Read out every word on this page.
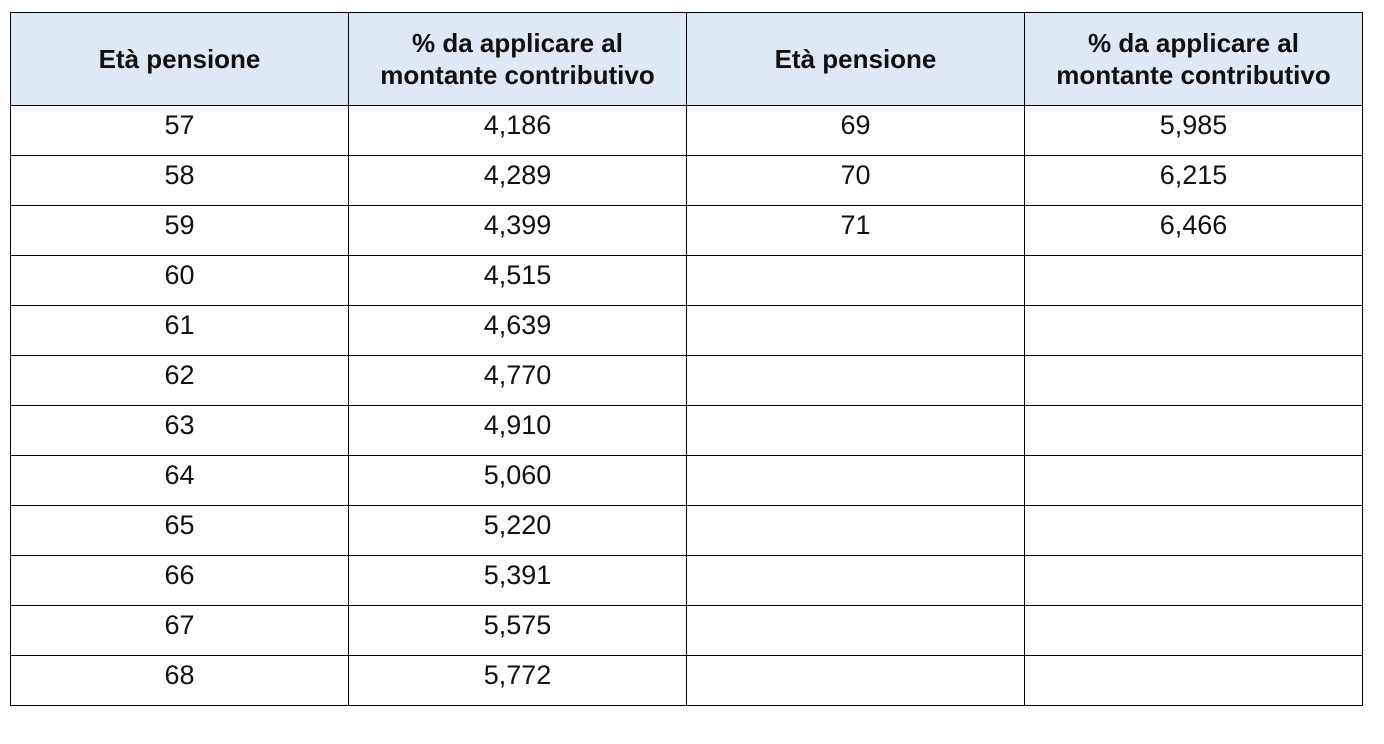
Età pensione	% da applicare al
montante contributivo	Età pensione	% da applicare al
montante contributivo

57	4,186	69	5,985
58	4,289	70	6,215
59	4,399	71	6,466
60	4,515		
61	4,639		
62	4,770		
63	4,910		
64	5,060		
65	5,220		
66	5,391		
67	5,575		
68	5,772		
